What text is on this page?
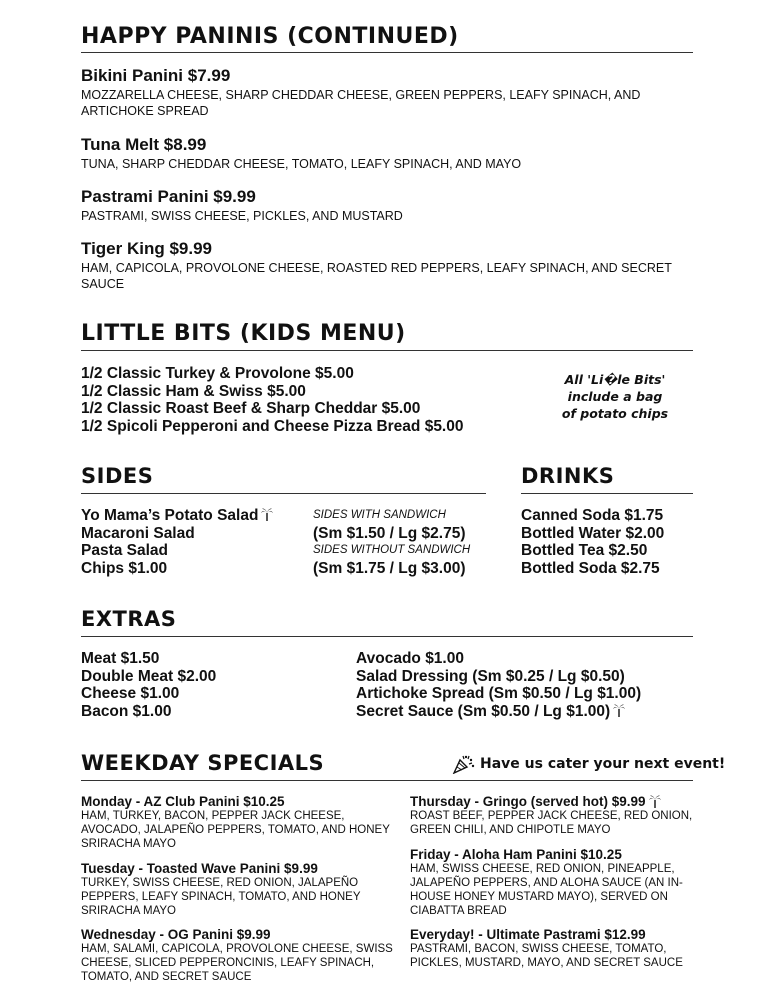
HAPPY PANINIS (CONTINUED)
Bikini Panini $7.99
MOZZARELLA CHEESE, SHARP CHEDDAR CHEESE, GREEN PEPPERS, LEAFY SPINACH, AND ARTICHOKE SPREAD
Tuna Melt $8.99
TUNA, SHARP CHEDDAR CHEESE, TOMATO, LEAFY SPINACH, AND MAYO
Pastrami Panini $9.99
PASTRAMI, SWISS CHEESE, PICKLES, AND MUSTARD
Tiger King $9.99
HAM, CAPICOLA, PROVOLONE CHEESE, ROASTED RED PEPPERS, LEAFY SPINACH, AND SECRET SAUCE
LITTLE BITS (KIDS MENU)
1/2 Classic Turkey & Provolone $5.00
1/2 Classic Ham & Swiss $5.00
1/2 Classic Roast Beef & Sharp Cheddar $5.00
1/2 Spicoli Pepperoni and Cheese Pizza Bread $5.00
All 'Li�le Bits'
include a bag
of potato chips
SIDES
Yo Mama’s Potato Salad
Macaroni Salad
Pasta Salad
Chips $1.00
SIDES WITH SANDWICH
(Sm $1.50 / Lg $2.75)
SIDES WITHOUT SANDWICH
(Sm $1.75 / Lg $3.00)
DRINKS
Canned Soda $1.75
Bottled Water $2.00
Bottled Tea $2.50
Bottled Soda $2.75
EXTRAS
Meat $1.50
Double Meat $2.00
Cheese $1.00
Bacon $1.00
Avocado $1.00
Salad Dressing (Sm $0.25 / Lg $0.50)
Artichoke Spread (Sm $0.50 / Lg $1.00)
Secret Sauce (Sm $0.50 / Lg $1.00)
WEEKDAY SPECIALS	Have us cater your next event!
Monday - AZ Club Panini $10.25
HAM, TURKEY, BACON, PEPPER JACK CHEESE, AVOCADO, JALAPEÑO PEPPERS, TOMATO, AND HONEY SRIRACHA MAYO
Tuesday - Toasted Wave Panini $9.99
TURKEY, SWISS CHEESE, RED ONION, JALAPEÑO PEPPERS, LEAFY SPINACH, TOMATO, AND HONEY SRIRACHA MAYO
Wednesday - OG Panini $9.99
HAM, SALAMI, CAPICOLA, PROVOLONE CHEESE, SWISS CHEESE, SLICED PEPPERONCINIS, LEAFY SPINACH, TOMATO, AND SECRET SAUCE
Thursday - Gringo (served hot) $9.99
ROAST BEEF, PEPPER JACK CHEESE, RED ONION, GREEN CHILI, AND CHIPOTLE MAYO
Friday - Aloha Ham Panini $10.25
HAM, SWISS CHEESE, RED ONION, PINEAPPLE, JALAPEÑO PEPPERS, AND ALOHA SAUCE (AN IN-HOUSE HONEY MUSTARD MAYO), SERVED ON CIABATTA BREAD
Everyday! - Ultimate Pastrami $12.99
PASTRAMI, BACON, SWISS CHEESE, TOMATO, PICKLES, MUSTARD, MAYO, AND SECRET SAUCE
